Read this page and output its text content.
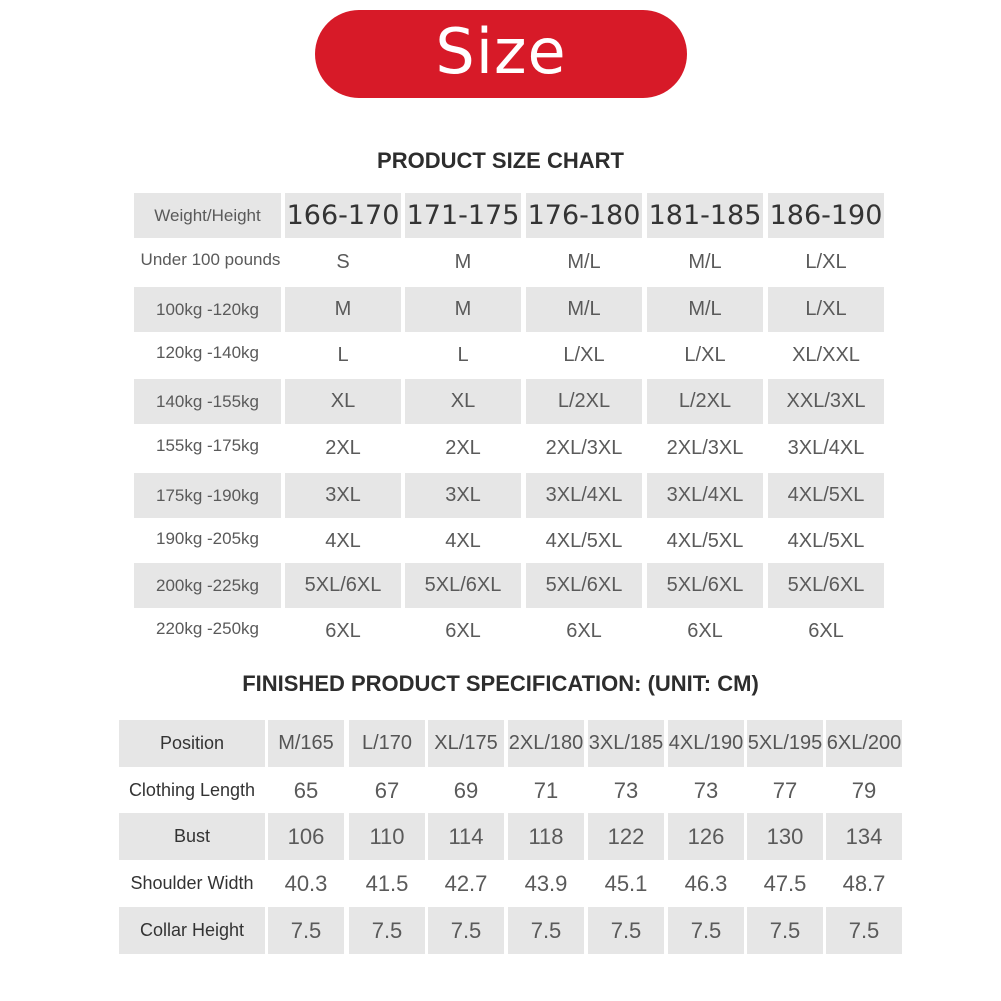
Size
PRODUCT SIZE CHART
Weight/Height 166-170 171-175 176-180 181-185 186-190
Under 100 pounds	S	M	M/L	M/L	L/XL
100kg -120kg	M	M	M/L	M/L	L/XL
120kg -140kg	L	L	L/XL	L/XL	XL/XXL
140kg -155kg	XL	XL	L/2XL	L/2XL	XXL/3XL
155kg -175kg	2XL	2XL	2XL/3XL	2XL/3XL	3XL/4XL
175kg -190kg	3XL	3XL	3XL/4XL	3XL/4XL	4XL/5XL
190kg -205kg	4XL	4XL	4XL/5XL	4XL/5XL	4XL/5XL
200kg -225kg	5XL/6XL	5XL/6XL	5XL/6XL	5XL/6XL	5XL/6XL
220kg -250kg	6XL	6XL	6XL	6XL	6XL
FINISHED PRODUCT SPECIFICATION: (UNIT: CM)
Position	M/165	L/170	XL/175 2XL/180 3XL/185 4XL/190 5XL/195 6XL/200
Clothing Length	65	67	69	71	73	73	77	79
Bust	106	110	114	118	122	126	130	134
Shoulder Width	40.3	41.5	42.7	43.9	45.1	46.3	47.5	48.7
Collar Height	7.5	7.5	7.5	7.5	7.5	7.5	7.5	7.5
